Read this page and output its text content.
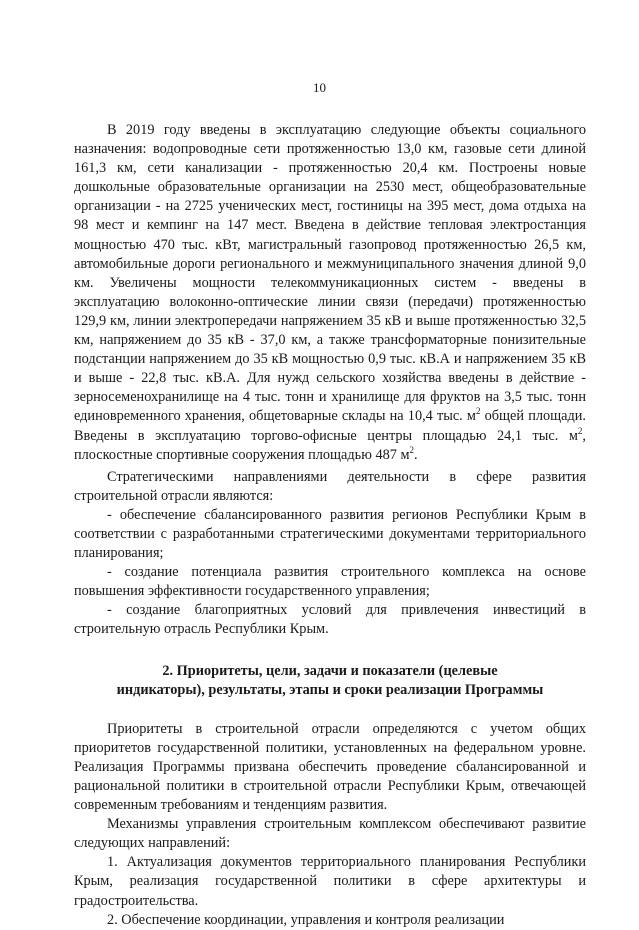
10

В 2019 году введены в эксплуатацию следующие объекты социального назначения: водопроводные сети протяженностью 13,0 км, газовые сети длиной 161,3 км, сети канализации - протяженностью 20,4 км. Построены новые дошкольные образовательные организации на 2530 мест, общеобразовательные организации - на 2725 ученических мест, гостиницы на 395 мест, дома отдыха на 98 мест и кемпинг на 147 мест. Введена в действие тепловая электростанция мощностью 470 тыс. кВт, магистральный газопровод протяженностью 26,5 км, автомобильные дороги регионального и межмуниципального значения длиной 9,0 км. Увеличены мощности телекоммуникационных систем - введены в эксплуатацию волоконно-оптические линии связи (передачи) протяженностью 129,9 км, линии электропередачи напряжением 35 кВ и выше протяженностью 32,5 км, напряжением до 35 кВ - 37,0 км, а также трансформаторные понизительные подстанции напряжением до 35 кВ мощностью 0,9 тыс. кВ.А и напряжением 35 кВ и выше - 22,8 тыс. кВ.А. Для нужд сельского хозяйства введены в действие - зерносеменохранилище на 4 тыс. тонн и хранилище для фруктов на 3,5 тыс. тонн единовременного хранения, общетоварные склады на 10,4 тыс. $м^2$ общей площади. Введены в эксплуатацию торгово-офисные центры площадью 24,1 тыс. $м^2$, плоскостные спортивные сооружения площадью 487 $м^2$.

Стратегическими направлениями деятельности в сфере развития строительной отрасли являются:

- обеспечение сбалансированного развития регионов Республики Крым в соответствии с разработанными стратегическими документами территориального планирования;

- создание потенциала развития строительного комплекса на основе повышения эффективности государственного управления;

- создание благоприятных условий для привлечения инвестиций в строительную отрасль Республики Крым.

2. Приоритеты, цели, задачи и показатели (целевые
индикаторы), результаты, этапы и сроки реализации Программы

Приоритеты в строительной отрасли определяются с учетом общих приоритетов государственной политики, установленных на федеральном уровне. Реализация Программы призвана обеспечить проведение сбалансированной и рациональной политики в строительной отрасли Республики Крым, отвечающей современным требованиям и тенденциям развития.

Механизмы управления строительным комплексом обеспечивают развитие следующих направлений:

1. Актуализация документов территориального планирования Республики Крым, реализация государственной политики в сфере архитектуры и градостроительства.

2. Обеспечение координации, управления и контроля реализации
